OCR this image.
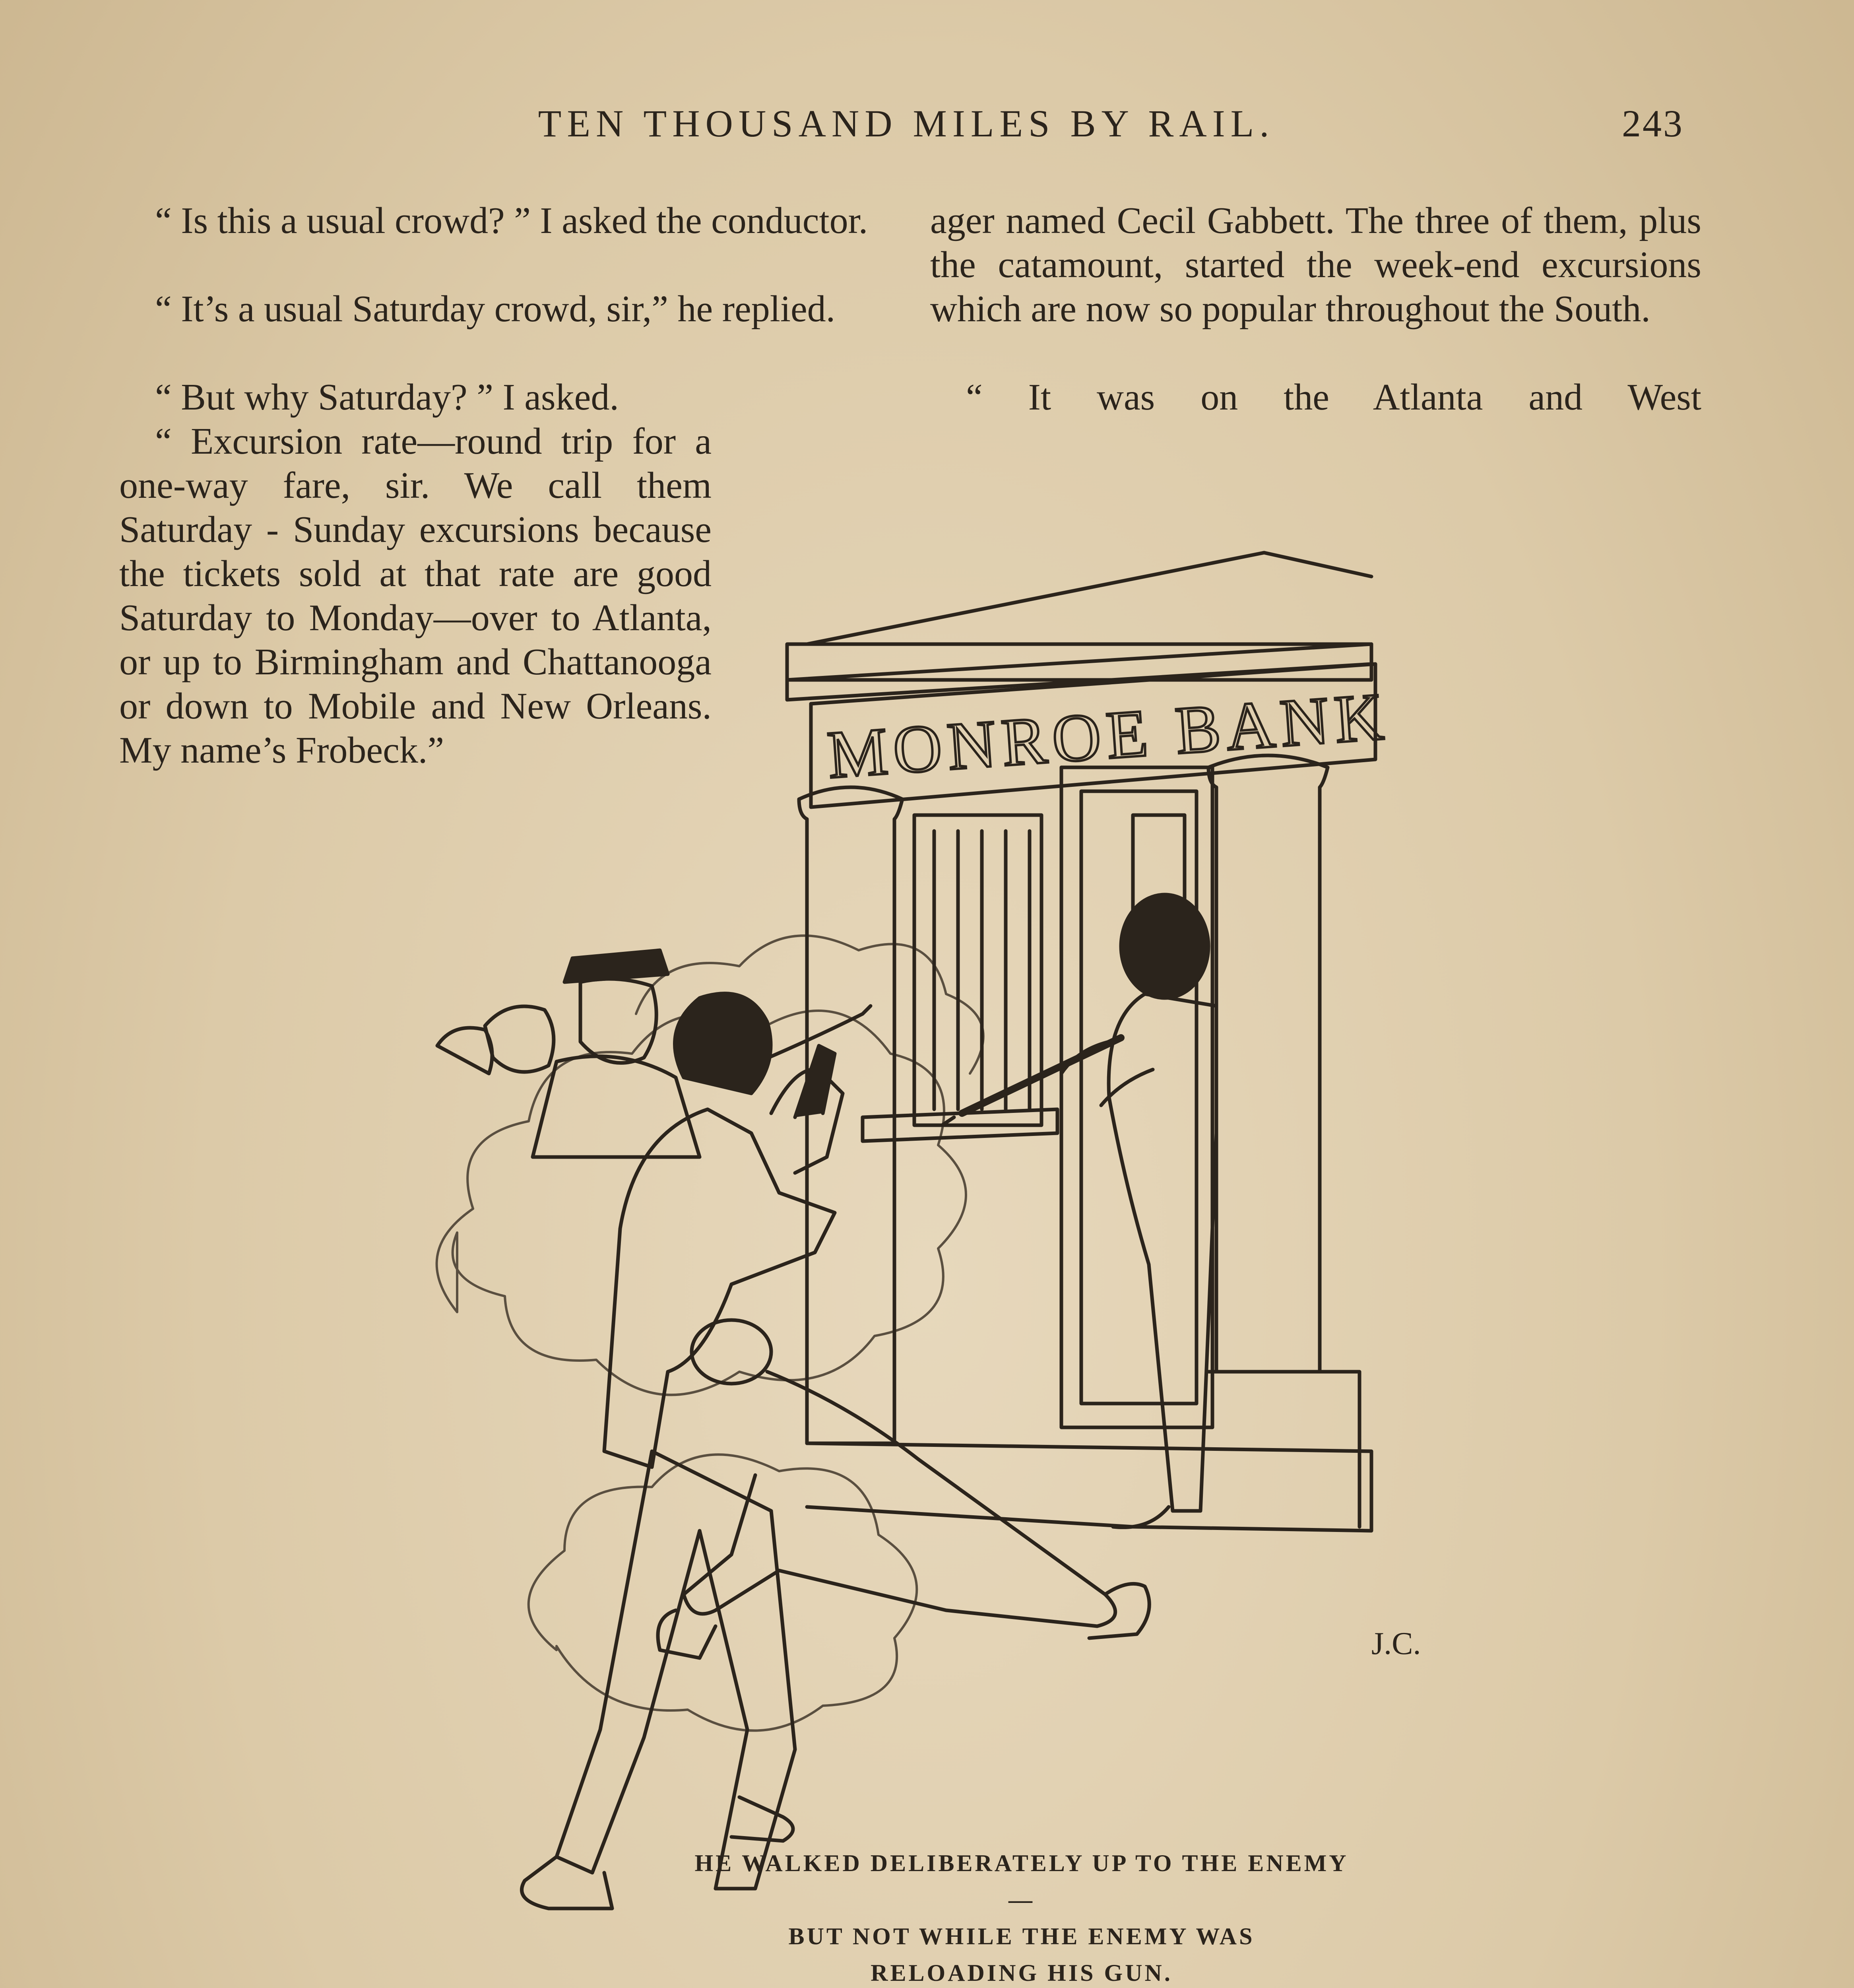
TEN THOUSAND MILES BY RAIL.	243

“ Is this a usual crowd? ” I asked the conductor.

“ It’s a usual Saturday crowd, sir,” he replied.

“ But why Saturday? ” I asked.

“ Excursion rate—round trip for a one-way fare, sir. We call them Saturday - Sunday excursions because the tickets sold at that rate are good Saturday to Monday—over to Atlanta, or up to Birmingham and Chattanooga or down to Mobile and New Orleans. My name’s Frobeck.”

ager named Cecil Gabbett. The three of them, plus the catamount, started the week-end excursions which are now so popular throughout the South.

“ It was on the Atlanta and West

J.C.
MONROE BANK
HE WALKED DELIBERATELY UP TO THE ENEMY—
BUT NOT WHILE THE ENEMY WAS
RELOADING HIS GUN.
